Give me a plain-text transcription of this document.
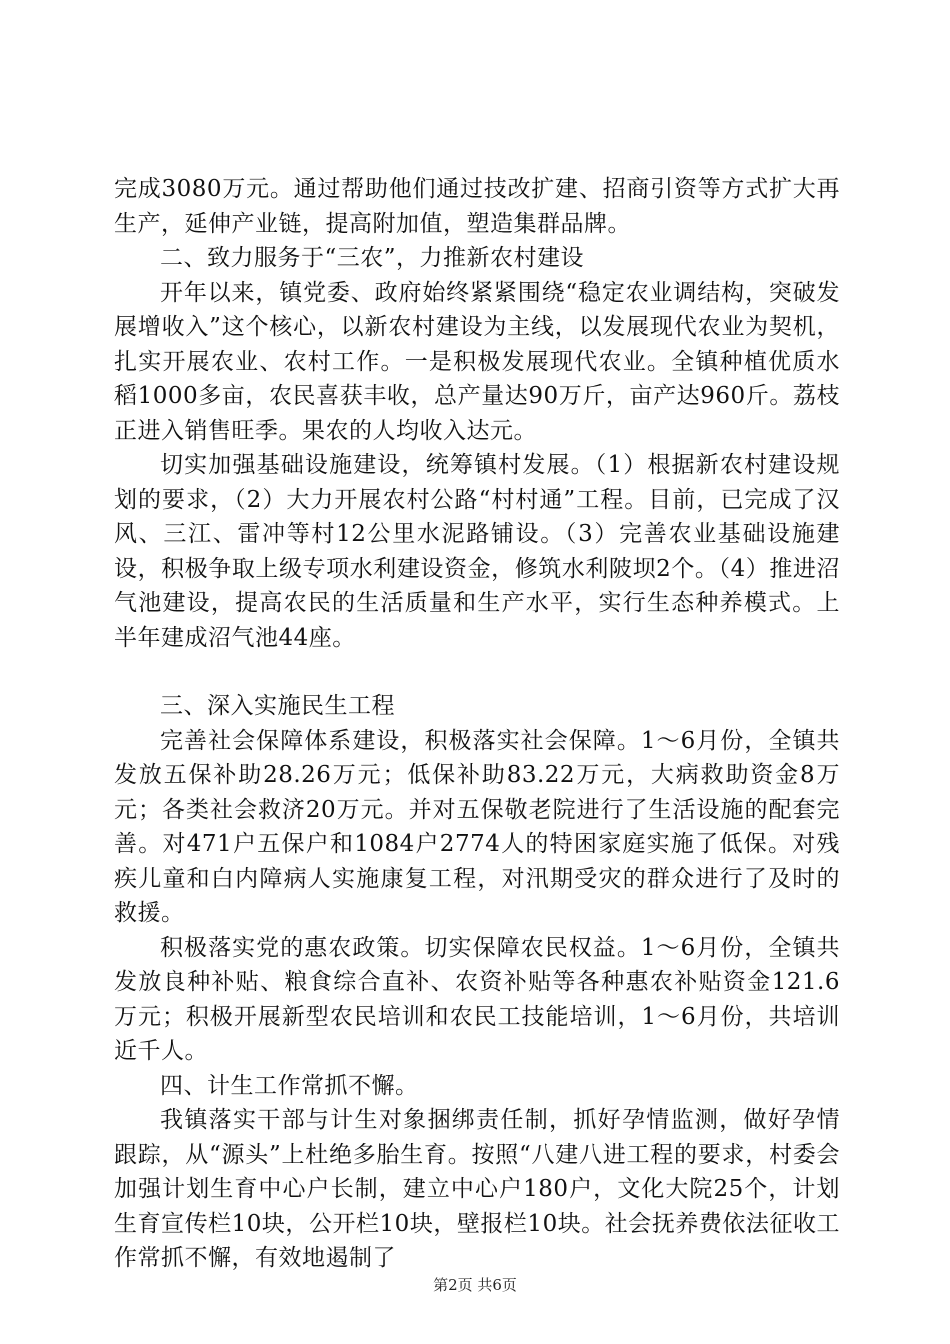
完成3080万元。通过帮助他们通过技改扩建、招商引资等方式扩大再生产，延伸产业链，提高附加值，塑造集群品牌。

二、致力服务于“三农”，力推新农村建设

开年以来，镇党委、政府始终紧紧围绕“稳定农业调结构，突破发展增收入”这个核心，以新农村建设为主线，以发展现代农业为契机，扎实开展农业、农村工作。一是积极发展现代农业。全镇种植优质水稻1000多亩，农民喜获丰收，总产量达90万斤，亩产达960斤。荔枝正进入销售旺季。果农的人均收入达元。

切实加强基础设施建设，统筹镇村发展。（1）根据新农村建设规划的要求，（2）大力开展农村公路“村村通”工程。目前，已完成了汉风、三江、雷冲等村12公里水泥路铺设。（3）完善农业基础设施建设，积极争取上级专项水利建设资金，修筑水利陂坝2个。（4）推进沼气池建设，提高农民的生活质量和生产水平，实行生态种养模式。上半年建成沼气池44座。

三、深入实施民生工程

完善社会保障体系建设，积极落实社会保障。1～6月份，全镇共发放五保补助28.26万元；低保补助83.22万元，大病救助资金8万元；各类社会救济20万元。并对五保敬老院进行了生活设施的配套完善。对471户五保户和1084户2774人的特困家庭实施了低保。对残疾儿童和白内障病人实施康复工程，对汛期受灾的群众进行了及时的救援。

积极落实党的惠农政策。切实保障农民权益。1～6月份，全镇共发放良种补贴、粮食综合直补、农资补贴等各种惠农补贴资金121.6万元；积极开展新型农民培训和农民工技能培训，1～6月份，共培训近千人。

四、计生工作常抓不懈。

我镇落实干部与计生对象捆绑责任制，抓好孕情监测，做好孕情跟踪，从“源头”上杜绝多胎生育。按照“八建八进工程的要求，村委会加强计划生育中心户长制，建立中心户180户，文化大院25个，计划生育宣传栏10块，公开栏10块，壁报栏10块。社会抚养费依法征收工作常抓不懈，有效地遏制了

第2页 共6页
